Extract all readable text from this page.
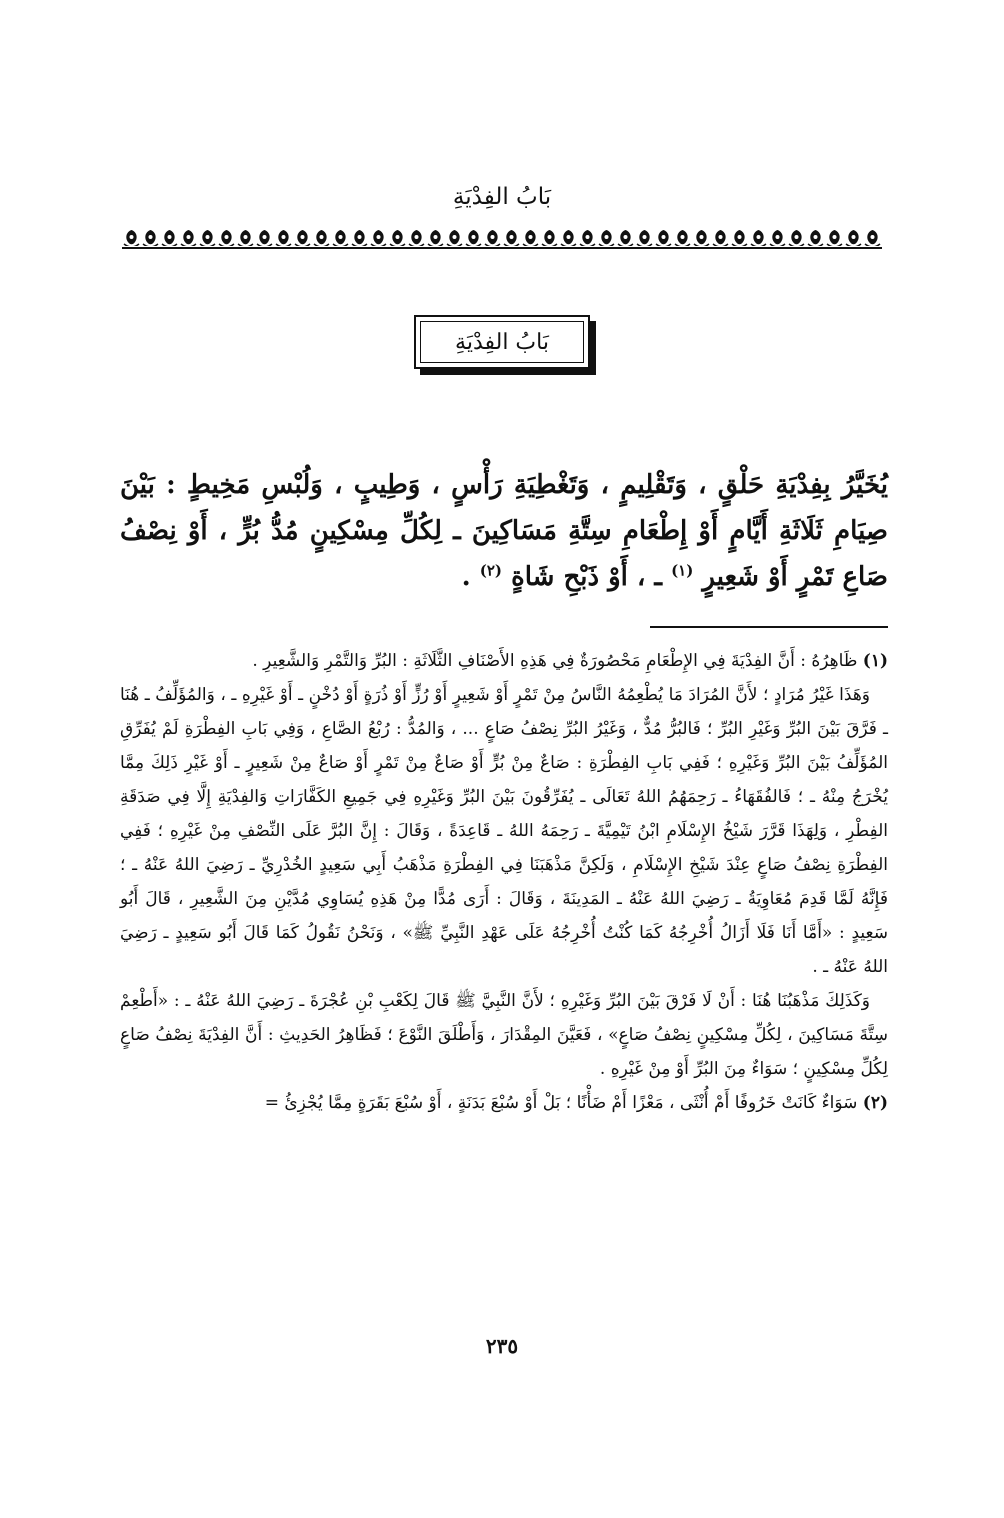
بَابُ الفِدْيَةِ
بَابُ الفِدْيَةِ
يُخَيَّرُ بِفِدْيَةِ حَلْقٍ ، وَتَقْلِيمٍ ، وَتَغْطِيَةِ رَأْسٍ ، وَطِيبٍ ، وَلُبْسِ مَخِيطٍ : بَيْنَ صِيَامِ ثَلَاثَةِ أَيَّامٍ أَوْ إِطْعَامِ سِتَّةِ مَسَاكِينَ ـ لِكُلِّ مِسْكِينٍ مُدُّ بُرٍّ ، أَوْ نِصْفُ صَاعِ تَمْرٍ أَوْ شَعِيرٍ $^{(١)}$ ـ ، أَوْ ذَبْحِ شَاةٍ $^{(٢)}$ .

(١) ظَاهِرُهُ : أَنَّ الفِدْيَةَ فِي الإِطْعَامِ مَحْصُورَةٌ فِي هَذِهِ الأَصْنَافِ الثَّلَاثَةِ : البُرِّ وَالتَّمْرِ وَالشَّعِيرِ .

وَهَذَا غَيْرُ مُرَادٍ ؛ لأَنَّ المُرَادَ مَا يُطْعِمُهُ النَّاسُ مِنْ تَمْرٍ أَوْ شَعِيرٍ أَوْ رُزٍّ أَوْ ذُرَةٍ أَوْ دُخْنٍ ـ أَوْ غَيْرِهِ ـ ، وَالمُؤَلِّفُ ـ هُنَا ـ فَرَّقَ بَيْنَ البُرِّ وَغَيْرِ البُرِّ ؛ فَالبُرُّ مُدٌّ ، وَغَيْرُ البُرِّ نِصْفُ صَاعٍ ... ، وَالمُدُّ : رُبْعُ الصَّاعِ ، وَفِي بَابِ الفِطْرَةِ لَمْ يُفَرِّقِ المُؤَلِّفُ بَيْنَ البُرِّ وَغَيْرِهِ ؛ فَفِي بَابِ الفِطْرَةِ : صَاعٌ مِنْ بُرٍّ أَوْ صَاعٌ مِنْ تَمْرٍ أَوْ صَاعٌ مِنْ شَعِيرٍ ـ أَوْ غَيْرِ ذَلِكَ مِمَّا يُخْرَجُ مِنْهُ ـ ؛ فَالفُقَهَاءُ ـ رَحِمَهُمُ اللهُ تَعَالَى ـ يُفَرِّقُونَ بَيْنَ البُرِّ وَغَيْرِهِ فِي جَمِيعِ الكَفَّارَاتِ وَالفِدْيَةِ إِلَّا فِي صَدَقَةِ الفِطْرِ ، وَلِهَذَا قَرَّرَ شَيْخُ الإِسْلَامِ ابْنُ تَيْمِيَّةَ ـ رَحِمَهُ اللهُ ـ قَاعِدَةً ، وَقَالَ : إِنَّ البُرَّ عَلَى النِّصْفِ مِنْ غَيْرِهِ ؛ فَفِي الفِطْرَةِ نِصْفُ صَاعٍ عِنْدَ شَيْخِ الإِسْلَامِ ، وَلَكِنَّ مَذْهَبَنَا فِي الفِطْرَةِ مَذْهَبُ أَبِي سَعِيدٍ الخُدْرِيِّ ـ رَضِيَ اللهُ عَنْهُ ـ ؛ فَإِنَّهُ لَمَّا قَدِمَ مُعَاوِيَةُ ـ رَضِيَ اللهُ عَنْهُ ـ المَدِينَةَ ، وَقَالَ : أَرَى مُدًّا مِنْ هَذِهِ يُسَاوِي مُدَّيْنِ مِنَ الشَّعِيرِ ، قَالَ أَبُو سَعِيدٍ : «أَمَّا أَنَا فَلَا أَزَالُ أُخْرِجُهُ كَمَا كُنْتُ أُخْرِجُهُ عَلَى عَهْدِ النَّبِيِّ ﷺ» ، وَنَحْنُ نَقُولُ كَمَا قَالَ أَبُو سَعِيدٍ ـ رَضِيَ اللهُ عَنْهُ ـ .

وَكَذَلِكَ مَذْهَبُنَا هُنَا : أَنْ لَا فَرْقَ بَيْنَ البُرِّ وَغَيْرِهِ ؛ لأَنَّ النَّبِيَّ ﷺ قَالَ لِكَعْبِ بْنِ عُجْرَةَ ـ رَضِيَ اللهُ عَنْهُ ـ : «أَطْعِمْ سِتَّةَ مَسَاكِينَ ، لِكُلِّ مِسْكِينٍ نِصْفُ صَاعٍ» ، فَعَيَّنَ المِقْدَارَ ، وَأَطْلَقَ النَّوْعَ ؛ فَظَاهِرُ الحَدِيثِ : أَنَّ الفِدْيَةَ نِصْفُ صَاعٍ لِكُلِّ مِسْكِينٍ ؛ سَوَاءٌ مِنَ البُرِّ أَوْ مِنْ غَيْرِهِ .

(٢) سَوَاءٌ كَانَتْ خَرُوفًا أَمْ أُنْثَى ، مَعْزًا أَمْ ضَأْنًا ؛ بَلْ أَوْ سُبْعَ بَدَنَةٍ ، أَوْ سُبْعَ بَقَرَةٍ مِمَّا يُجْزِئُ =

٢٣٥
